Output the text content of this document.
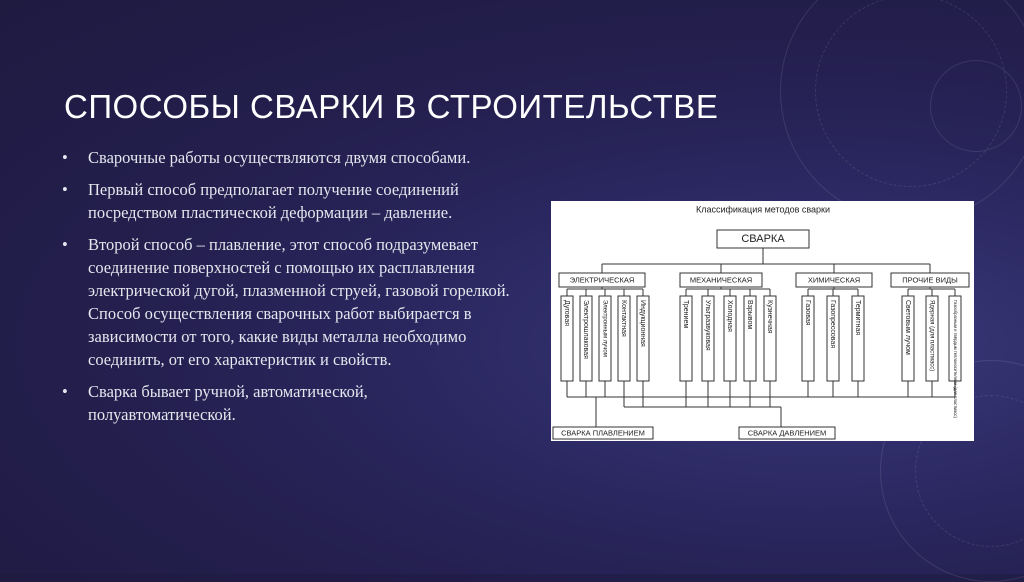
СПОСОБЫ СВАРКИ В СТРОИТЕЛЬСТВЕ
•	Сварочные работы осуществляются двумя способами.
•	Первый способ предполагает получение соединений посредством пластической деформации – давление.
•	Второй способ – плавление, этот способ подразумевает соединение поверхностей с помощью их расплавления электрической дугой, плазменной струей, газовой горелкой. Способ осуществления сварочных работ выбирается в зависимости от того, какие виды металла необходимо соединить, от его характеристик и свойств.
•	Сварка бывает ручной, автоматической, полуавтоматической.
Классификация методов сварки
СВАРКА
ЭЛЕКТРИЧЕСКАЯ
Дуговая Электрошлаковая Электронным лучом Контактная Индукционная
МЕХАНИЧЕСКАЯ
Трением Ультразвуковая Холодная Взрывом Кузнечная
ХИМИЧЕСКАЯ
Газовая	Газопрессовая	Термитная
ПРОЧИЕ ВИДЫ
Световым лучом	Ядерная (для пластмасс)	Газообразным и твёрдым теплоносителями (для пластмасс)
СВАРКА ПЛАВЛЕНИЕМ	СВАРКА ДАВЛЕНИЕМ
